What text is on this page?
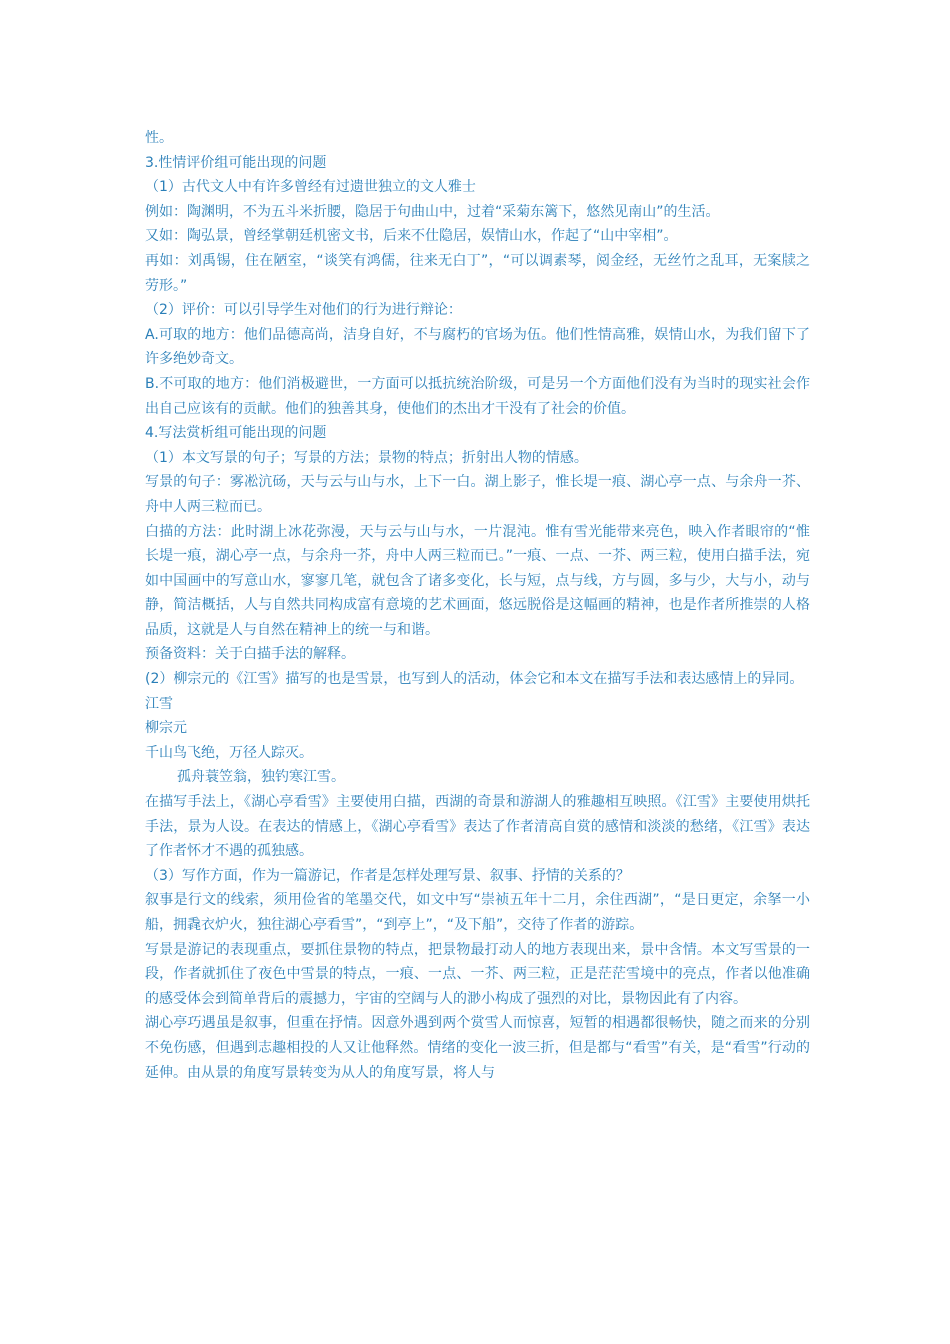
性。

3.性情评价组可能出现的问题

（1）古代文人中有许多曾经有过遗世独立的文人雅士

例如：陶渊明，不为五斗米折腰，隐居于句曲山中，过着“采菊东篱下，悠然见南山”的生活。

又如：陶弘景，曾经掌朝廷机密文书，后来不仕隐居，娱情山水，作起了“山中宰相”。

再如：刘禹锡，住在陋室，“谈笑有鸿儒，往来无白丁”，“可以调素琴，阅金经，无丝竹之乱耳，无案牍之劳形。”

（2）评价：可以引导学生对他们的行为进行辩论：

A.可取的地方：他们品德高尚，洁身自好，不与腐朽的官场为伍。他们性情高雅，娱情山水，为我们留下了许多绝妙奇文。

B.不可取的地方：他们消极避世，一方面可以抵抗统治阶级，可是另一个方面他们没有为当时的现实社会作出自己应该有的贡献。他们的独善其身，使他们的杰出才干没有了社会的价值。

4.写法赏析组可能出现的问题

（1）本文写景的句子；写景的方法；景物的特点；折射出人物的情感。

写景的句子：雾凇沆砀，天与云与山与水，上下一白。湖上影子，惟长堤一痕、湖心亭一点、与余舟一芥、舟中人两三粒而已。

白描的方法：此时湖上冰花弥漫，天与云与山与水，一片混沌。惟有雪光能带来亮色，映入作者眼帘的“惟长堤一痕，湖心亭一点，与余舟一芥，舟中人两三粒而已。”一痕、一点、一芥、两三粒，使用白描手法，宛如中国画中的写意山水，寥寥几笔，就包含了诸多变化，长与短，点与线，方与圆，多与少，大与小，动与静，简洁概括，人与自然共同构成富有意境的艺术画面，悠远脱俗是这幅画的精神，也是作者所推崇的人格品质，这就是人与自然在精神上的统一与和谐。

预备资料：关于白描手法的解释。

(2）柳宗元的《江雪》描写的也是雪景，也写到人的活动，体会它和本文在描写手法和表达感情上的异同。

江雪

柳宗元

千山鸟飞绝，万径人踪灭。

孤舟蓑笠翁，独钓寒江雪。

在描写手法上，《湖心亭看雪》主要使用白描，西湖的奇景和游湖人的雅趣相互映照。《江雪》主要使用烘托手法，景为人设。在表达的情感上，《湖心亭看雪》表达了作者清高自赏的感情和淡淡的愁绪，《江雪》表达了作者怀才不遇的孤独感。

（3）写作方面，作为一篇游记，作者是怎样处理写景、叙事、抒情的关系的？

叙事是行文的线索，须用俭省的笔墨交代，如文中写“崇祯五年十二月，余住西湖”，“是日更定，余拏一小船，拥毳衣炉火，独往湖心亭看雪”，“到亭上”，“及下船”，交待了作者的游踪。

写景是游记的表现重点，要抓住景物的特点，把景物最打动人的地方表现出来，景中含情。本文写雪景的一段，作者就抓住了夜色中雪景的特点，一痕、一点、一芥、两三粒，正是茫茫雪境中的亮点，作者以他准确的感受体会到简单背后的震撼力，宇宙的空阔与人的渺小构成了强烈的对比，景物因此有了内容。

湖心亭巧遇虽是叙事，但重在抒情。因意外遇到两个赏雪人而惊喜，短暂的相遇都很畅快，随之而来的分别不免伤感，但遇到志趣相投的人又让他释然。情绪的变化一波三折，但是都与“看雪”有关，是“看雪”行动的延伸。由从景的角度写景转变为从人的角度写景，将人与
